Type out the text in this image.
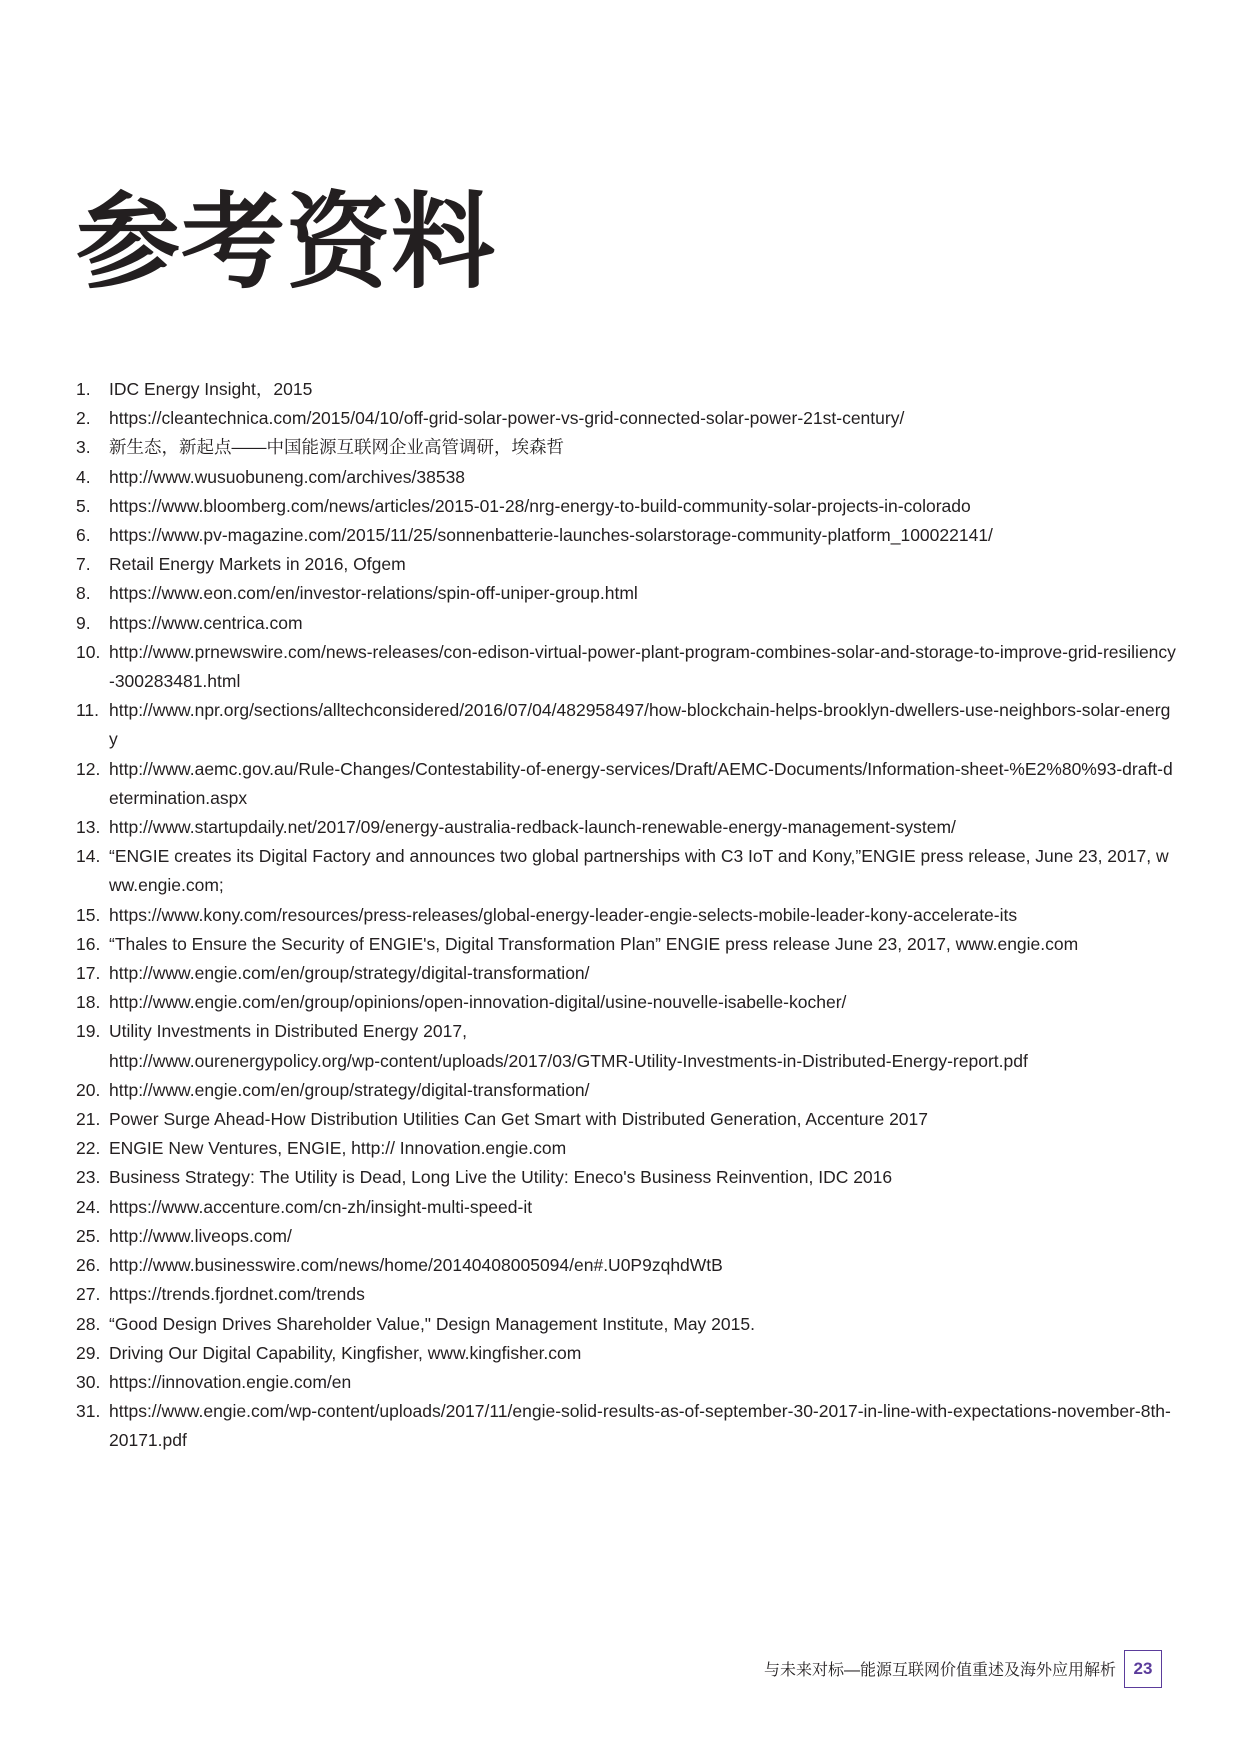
参考资料
1. IDC Energy Insight，2015
2. https://cleantechnica.com/2015/04/10/off-grid-solar-power-vs-grid-connected-solar-power-21st-century/
3. 新生态，新起点——中国能源互联网企业高管调研，埃森哲
4. http://www.wusuobuneng.com/archives/38538
5. https://www.bloomberg.com/news/articles/2015-01-28/nrg-energy-to-build-community-solar-projects-in-colorado
6. https://www.pv-magazine.com/2015/11/25/sonnenbatterie-launches-solarstorage-community-platform_100022141/
7. Retail Energy Markets in 2016, Ofgem
8. https://www.eon.com/en/investor-relations/spin-off-uniper-group.html
9. https://www.centrica.com
10. http://www.prnewswire.com/news-releases/con-edison-virtual-power-plant-program-combines-solar-and-storage-to-improve-grid-resiliency-300283481.html
11. http://www.npr.org/sections/alltechconsidered/2016/07/04/482958497/how-blockchain-helps-brooklyn-dwellers-use-neighbors-solar-energy
12. http://www.aemc.gov.au/Rule-Changes/Contestability-of-energy-services/Draft/AEMC-Documents/Information-sheet-%E2%80%93-draft-determination.aspx
13. http://www.startupdaily.net/2017/09/energy-australia-redback-launch-renewable-energy-management-system/
14. “ENGIE creates its Digital Factory and announces two global partnerships with C3 IoT and Kony,”ENGIE press release, June 23, 2017, www.engie.com;
15. https://www.kony.com/resources/press-releases/global-energy-leader-engie-selects-mobile-leader-kony-accelerate-its
16. “Thales to Ensure the Security of ENGIE's, Digital Transformation Plan” ENGIE press release June 23, 2017, www.engie.com
17. http://www.engie.com/en/group/strategy/digital-transformation/
18. http://www.engie.com/en/group/opinions/open-innovation-digital/usine-nouvelle-isabelle-kocher/
19. Utility Investments in Distributed Energy 2017,
http://www.ourenergypolicy.org/wp-content/uploads/2017/03/GTMR-Utility-Investments-in-Distributed-Energy-report.pdf
20. http://www.engie.com/en/group/strategy/digital-transformation/
21. Power Surge Ahead-How Distribution Utilities Can Get Smart with Distributed Generation, Accenture 2017
22. ENGIE New Ventures, ENGIE, http:// Innovation.engie.com
23. Business Strategy: The Utility is Dead, Long Live the Utility: Eneco's Business Reinvention, IDC 2016
24. https://www.accenture.com/cn-zh/insight-multi-speed-it
25. http://www.liveops.com/
26. http://www.businesswire.com/news/home/20140408005094/en#.U0P9zqhdWtB
27. https://trends.fjordnet.com/trends
28. “Good Design Drives Shareholder Value," Design Management Institute, May 2015.
29. Driving Our Digital Capability, Kingfisher, www.kingfisher.com
30. https://innovation.engie.com/en
31. https://www.engie.com/wp-content/uploads/2017/11/engie-solid-results-as-of-september-30-2017-in-line-with-expectations-november-8th-20171.pdf
与未来对标—能源互联网价值重述及海外应用解析	23
